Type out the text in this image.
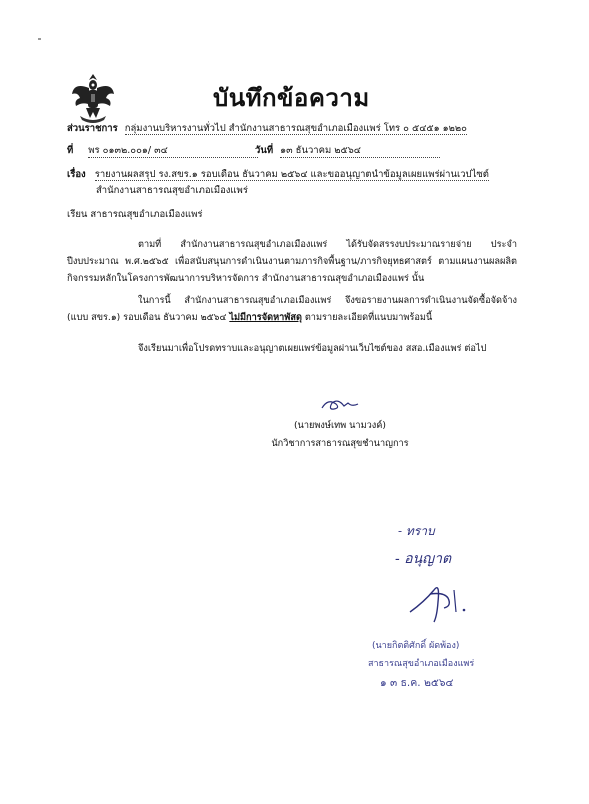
บันทึกข้อความ
ส่วนราชการ กลุ่มงานบริหารงานทั่วไป สำนักงานสาธารณสุขอำเภอเมืองแพร่ โทร ๐ ๕๔๕๑ ๑๒๒๐
ที่ พร ๐๑๓๒.๐๐๑/ ๓๔	วันที่ ๑๓ ธันวาคม ๒๕๖๔
เรื่อง รายงานผลสรุป รง.สขร.๑ รอบเดือน ธันวาคม ๒๕๖๔ และขออนุญาตนำข้อมูลเผยแพร่ผ่านเวปไซต์
สำนักงานสาธารณสุขอำเภอเมืองแพร่
เรียน สาธารณสุขอำเภอเมืองแพร่
ตามที่ สำนักงานสาธารณสุขอำเภอเมืองแพร่ ได้รับจัดสรรงบประมาณรายจ่าย ประจำปีงบประมาณ พ.ศ.๒๕๖๕ เพื่อสนับสนุนการดำเนินงานตามภารกิจพื้นฐาน/ภารกิจยุทธศาสตร์ ตามแผนงานผลผลิต กิจกรรมหลักในโครงการพัฒนาการบริหารจัดการ สำนักงานสาธารณสุขอำเภอเมืองแพร่ นั้น
ในการนี้ สำนักงานสาธารณสุขอำเภอเมืองแพร่ จึงขอรายงานผลการดำเนินงานจัดซื้อจัดจ้าง (แบบ สขร.๑) รอบเดือน ธันวาคม ๒๕๖๔ ไม่มีการจัดหาพัสดุ ตามรายละเอียดที่แนบมาพร้อมนี้
จึงเรียนมาเพื่อโปรดทราบและอนุญาตเผยแพร่ข้อมูลผ่านเว็บไซต์ของ สสอ.เมืองแพร่ ต่อไป
(นายพงษ์เทพ นามวงค์)
นักวิชาการสาธารณสุขชำนาญการ
- ทราบ
- อนุญาต
(นายกิตติศักดิ์ ผัดพ้อง)
สาธารณสุขอำเภอเมืองแพร่
๑ ๓ ธ.ค. ๒๕๖๔
